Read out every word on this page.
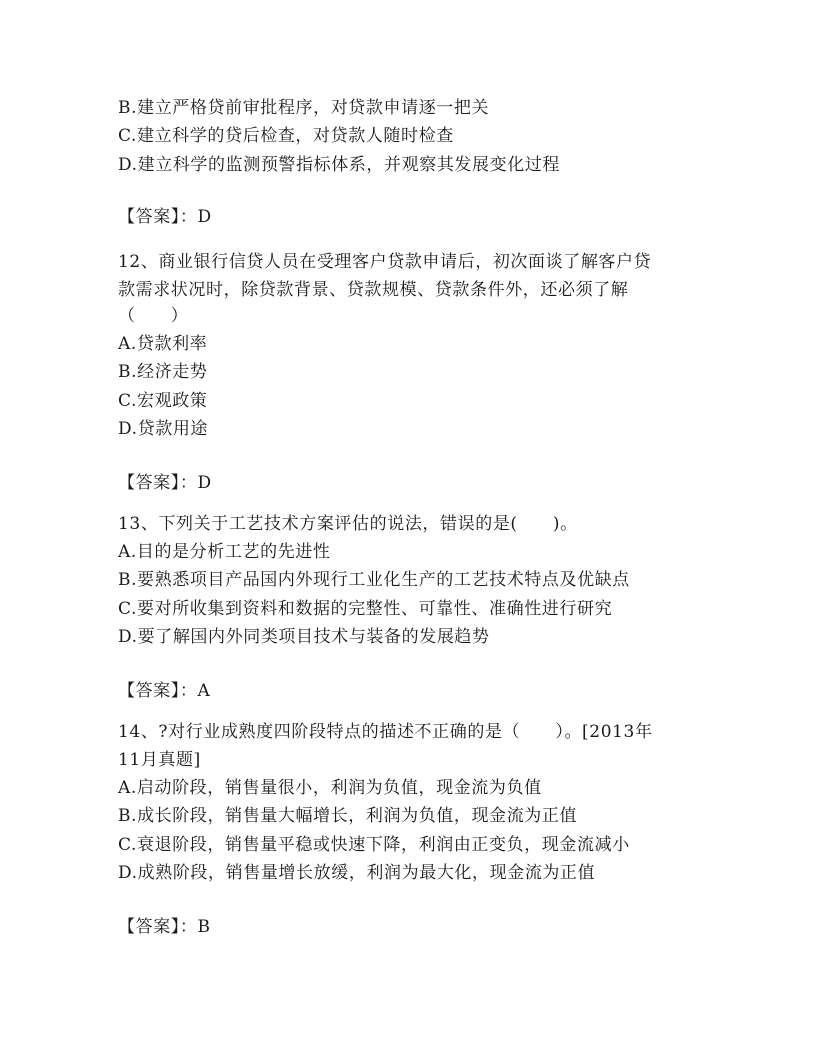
B.建立严格贷前审批程序，对贷款申请逐一把关
C.建立科学的贷后检查，对贷款人随时检查
D.建立科学的监测预警指标体系，并观察其发展变化过程
【答案】：D
12、商业银行信贷人员在受理客户贷款申请后，初次面谈了解客户贷
款需求状况时，除贷款背景、贷款规模、贷款条件外，还必须了解
（　　）
A.贷款利率
B.经济走势
C.宏观政策
D.贷款用途
【答案】：D
13、下列关于工艺技术方案评估的说法，错误的是(　　)。
A.目的是分析工艺的先进性
B.要熟悉项目产品国内外现行工业化生产的工艺技术特点及优缺点
C.要对所收集到资料和数据的完整性、可靠性、准确性进行研究
D.要了解国内外同类项目技术与装备的发展趋势
【答案】：A
14、?对行业成熟度四阶段特点的描述不正确的是（　　）。[2013年
11月真题]
A.启动阶段，销售量很小，利润为负值，现金流为负值
B.成长阶段，销售量大幅增长，利润为负值，现金流为正值
C.衰退阶段，销售量平稳或快速下降，利润由正变负，现金流减小
D.成熟阶段，销售量增长放缓，利润为最大化，现金流为正值
【答案】：B
